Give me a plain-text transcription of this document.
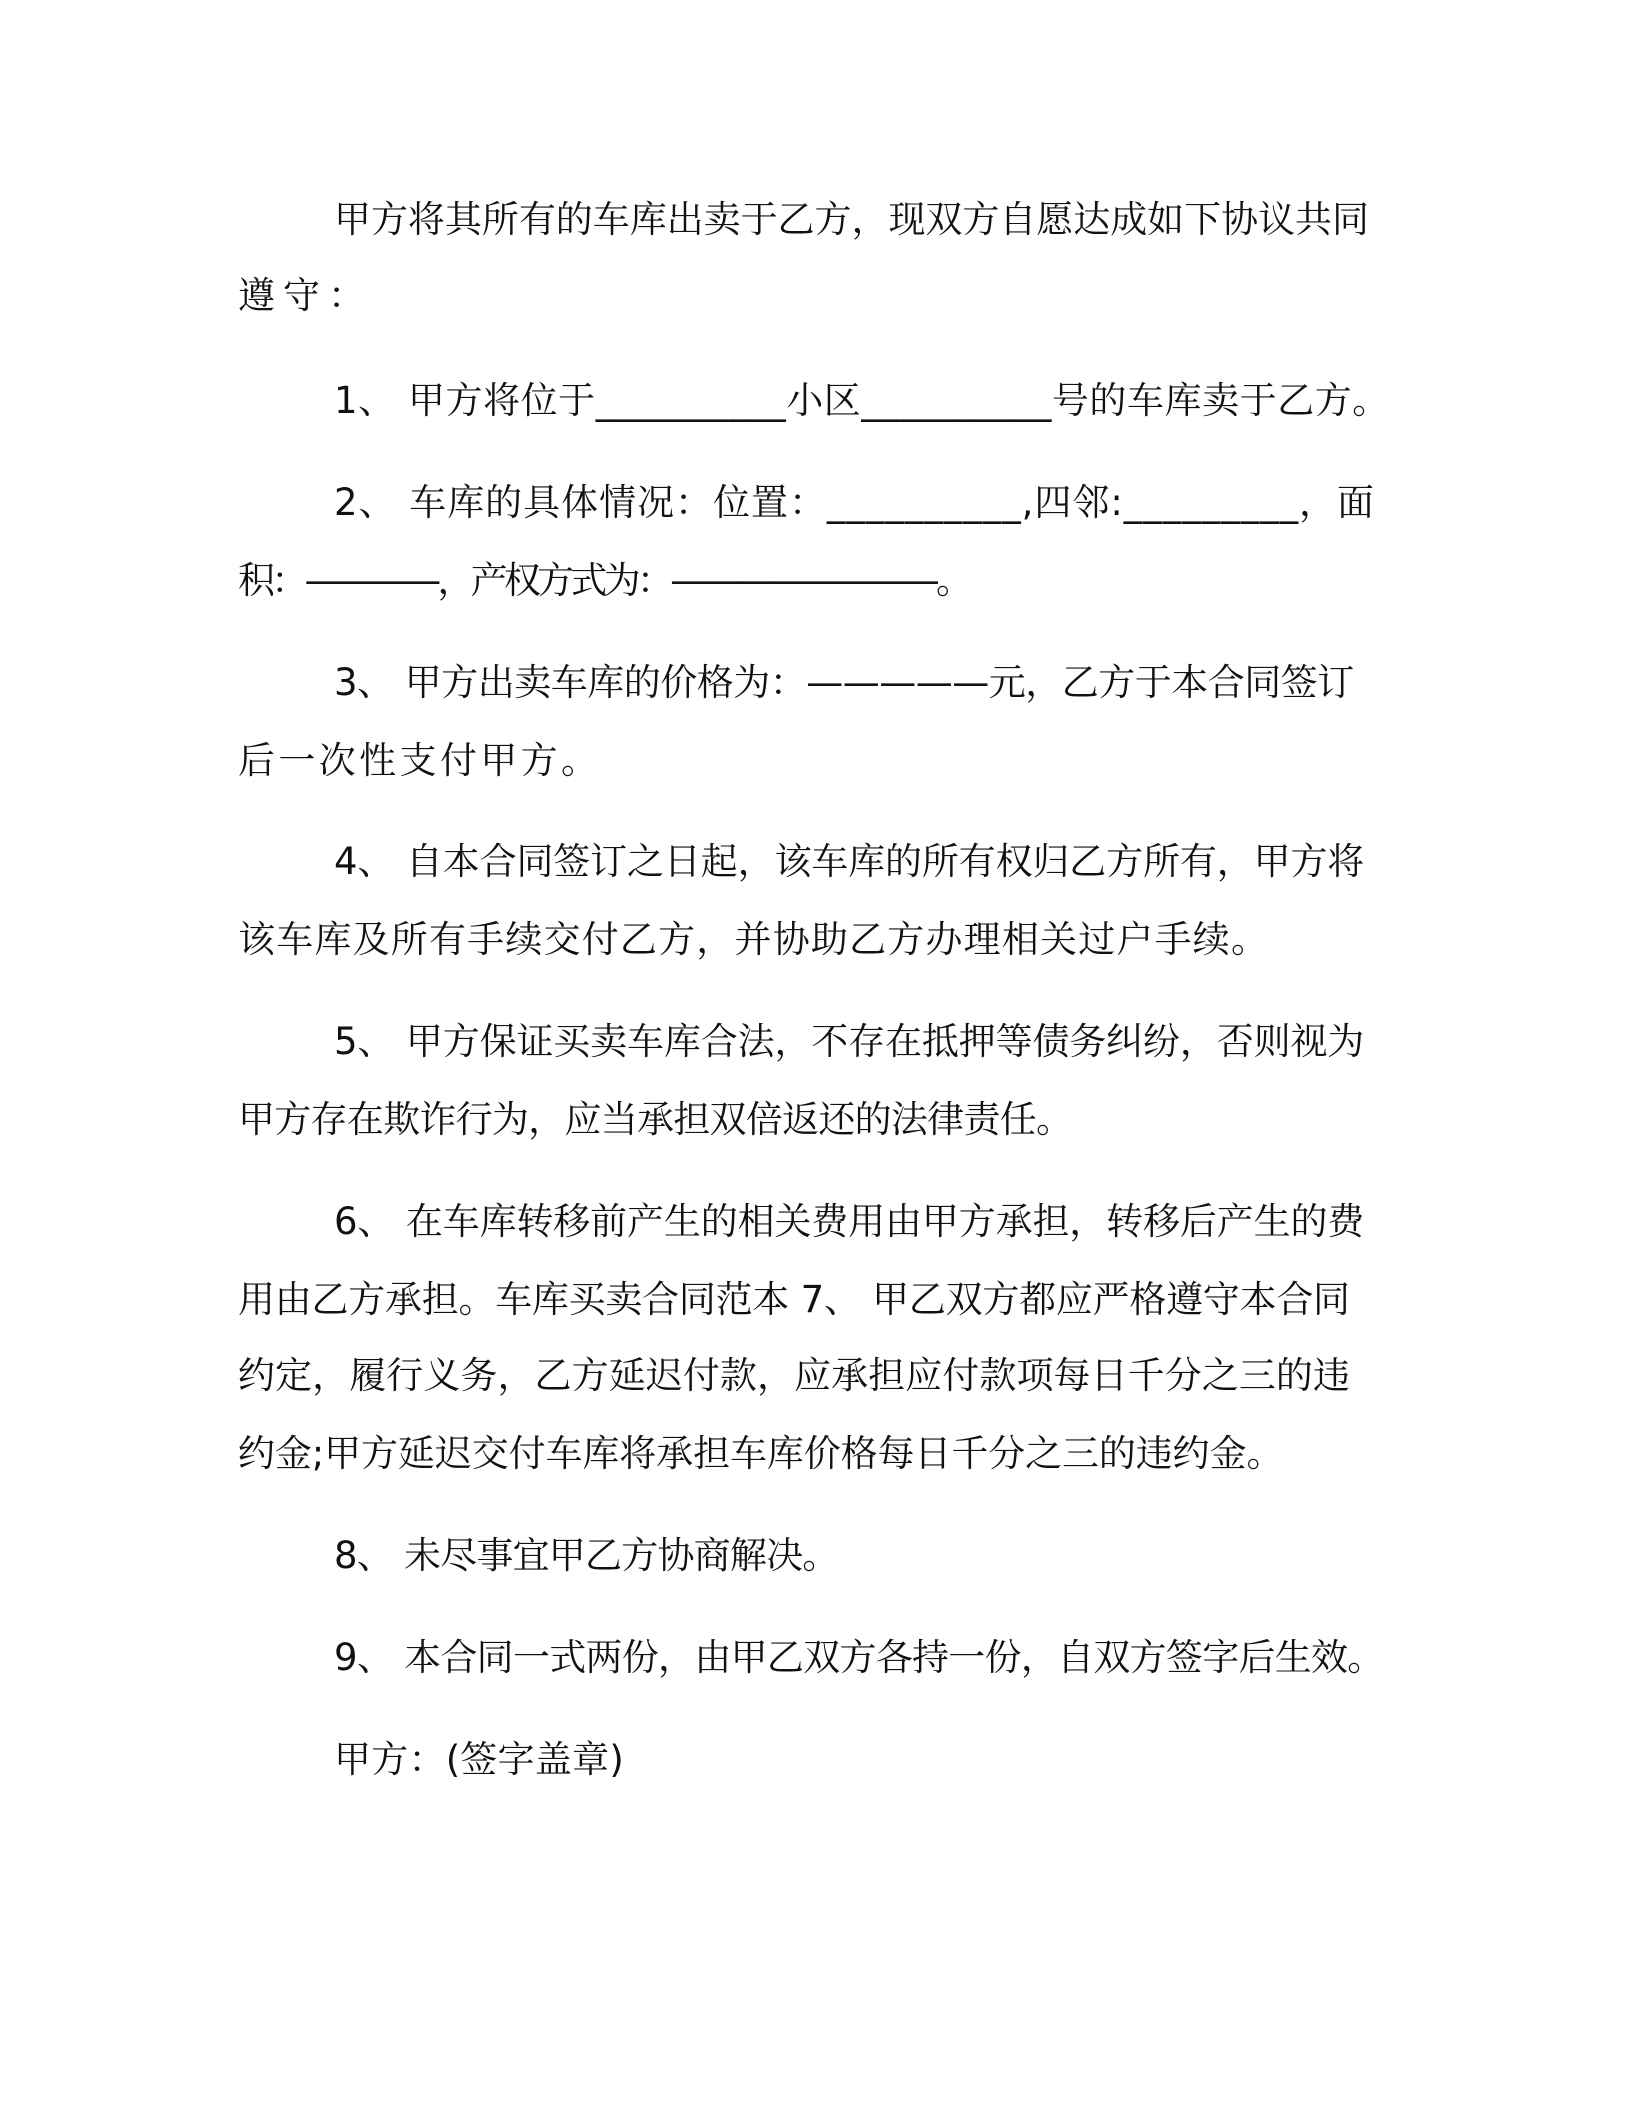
甲方将其所有的车库出卖于乙方，现双方自愿达成如下协议共同

遵守：

1、 甲方将位于__________小区__________号的车库卖于乙方。

2、 车库的具体情况：位置：__________,四邻:_________，面

积：————，产权方式为：————————。

3、 甲方出卖车库的价格为：—————元，乙方于本合同签订

后一次性支付甲方。

4、 自本合同签订之日起，该车库的所有权归乙方所有，甲方将

该车库及所有手续交付乙方，并协助乙方办理相关过户手续。

5、 甲方保证买卖车库合法，不存在抵押等债务纠纷，否则视为

甲方存在欺诈行为，应当承担双倍返还的法律责任。

6、 在车库转移前产生的相关费用由甲方承担，转移后产生的费

用由乙方承担。车库买卖合同范本 7、 甲乙双方都应严格遵守本合同

约定，履行义务，乙方延迟付款，应承担应付款项每日千分之三的违

约金;甲方延迟交付车库将承担车库价格每日千分之三的违约金。

8、 未尽事宜甲乙方协商解决。

9、 本合同一式两份，由甲乙双方各持一份，自双方签字后生效。

甲方：(签字盖章)
